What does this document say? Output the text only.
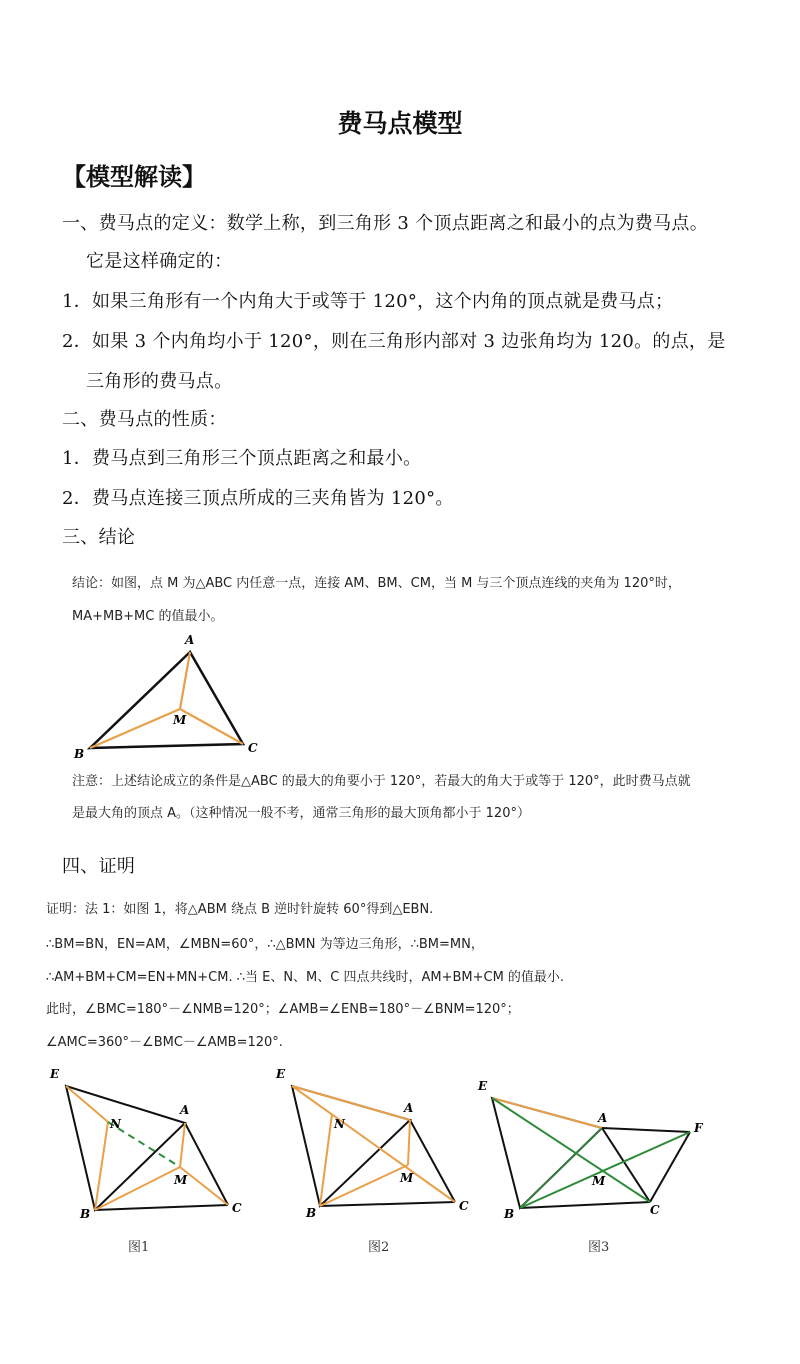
费马点模型
【模型解读】
一、费马点的定义：数学上称，到三角形 3 个顶点距离之和最小的点为费马点。
它是这样确定的：
1．如果三角形有一个内角大于或等于 120°，这个内角的顶点就是费马点；
2．如果 3 个内角均小于 120°，则在三角形内部对 3 边张角均为 120。的点，是
三角形的费马点。
二、费马点的性质：
1．费马点到三角形三个顶点距离之和最小。
2．费马点连接三顶点所成的三夹角皆为 120°。
三、结论
结论：如图，点 M 为△ABC 内任意一点，连接 AM、BM、CM，当 M 与三个顶点连线的夹角为 120°时，
MA+MB+MC 的值最小。
A
B	C
M
注意：上述结论成立的条件是△ABC 的最大的角要小于 120°，若最大的角大于或等于 120°，此时费马点就
是最大角的顶点 A。（这种情况一般不考，通常三角形的最大顶角都小于 120°）
四、证明
证明：法 1：如图 1，将△ABM 绕点 B 逆时针旋转 60°得到△EBN.
∴BM=BN，EN=AM，∠MBN=60°，∴△BMN 为等边三角形，∴BM=MN，
∴AM+BM+CM=EN+MN+CM. ∴当 E、N、M、C 四点共线时，AM+BM+CM 的值最小.
此时，∠BMC=180°－∠NMB=120°；∠AMB=∠ENB=180°－∠BNM=120°；
∠AMC=360°－∠BMC－∠AMB=120°.
E
N
A
M
B	C
图1
E
N
A
M
B	C
图2
E
A
F
M
B	C
图3
